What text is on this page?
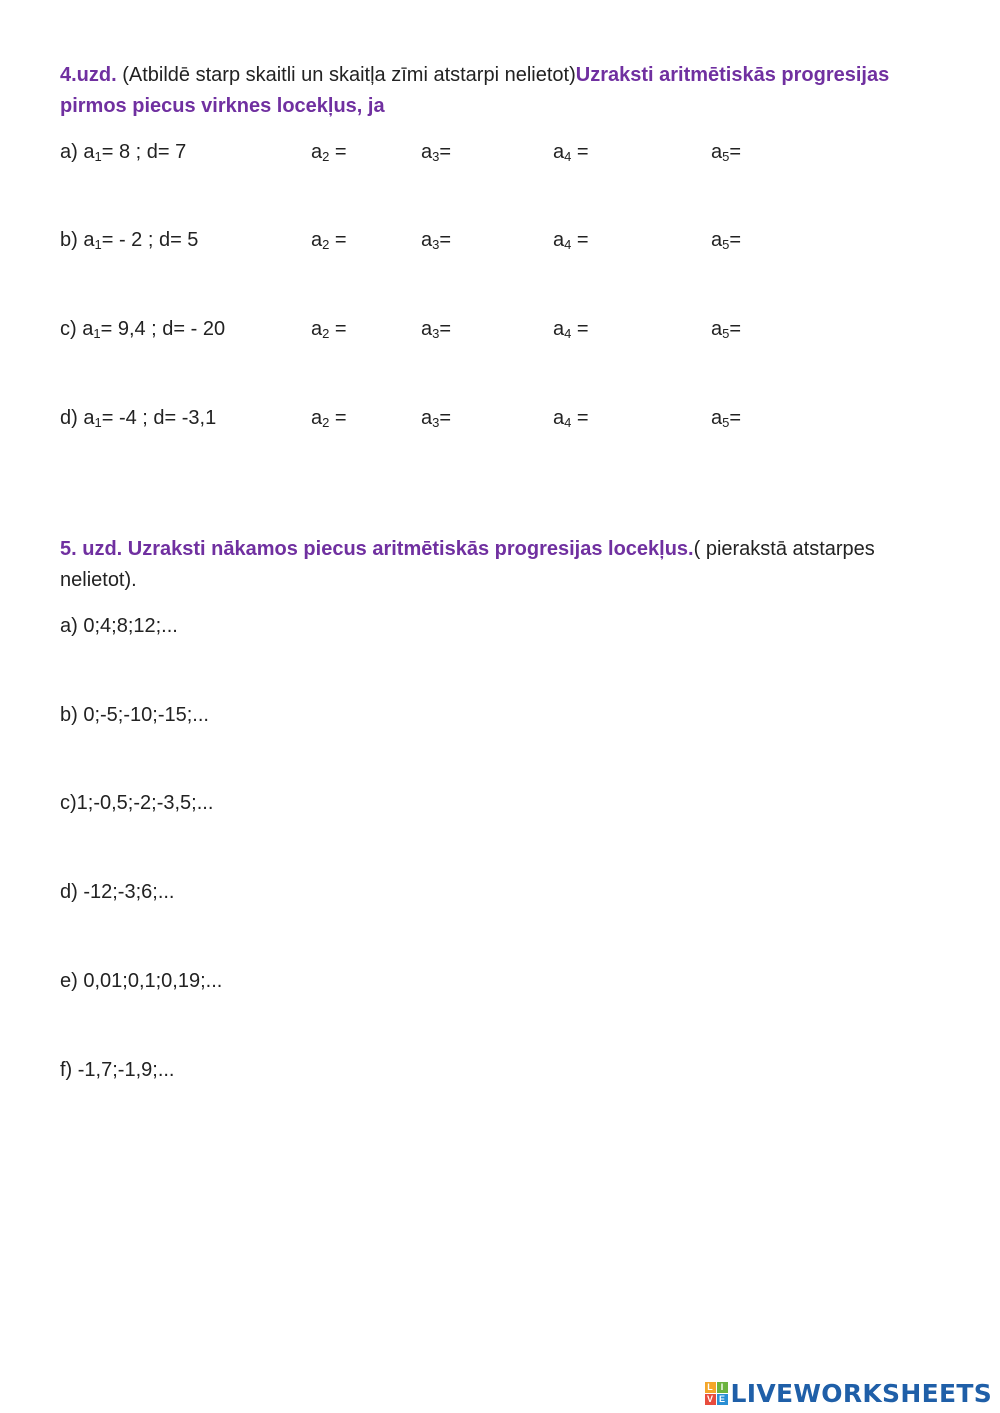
4.uzd. (Atbildē starp skaitli un skaitļa zīmi atstarpi nelietot)Uzraksti aritmētiskās progresijas pirmos piecus virknes locekļus, ja
a) a1= 8 ; d= 7	a2 =	a3=	a4 =	a5=
b) a1= - 2 ; d= 5	a2 =	a3=	a4 =	a5=
c) a1= 9,4 ; d= - 20	a2 =	a3=	a4 =	a5=
d) a1= -4 ; d= -3,1	a2 =	a3=	a4 =	a5=
5. uzd. Uzraksti nākamos piecus aritmētiskās progresijas locekļus.( pierakstā atstarpes nelietot).
a) 0;4;8;12;...
b) 0;-5;-10;-15;...
c)1;-0,5;-2;-3,5;...
d) -12;-3;6;...
e) 0,01;0,1;0,19;...
f) -1,7;-1,9;...
L I
V E LIVEWORKSHEETS
